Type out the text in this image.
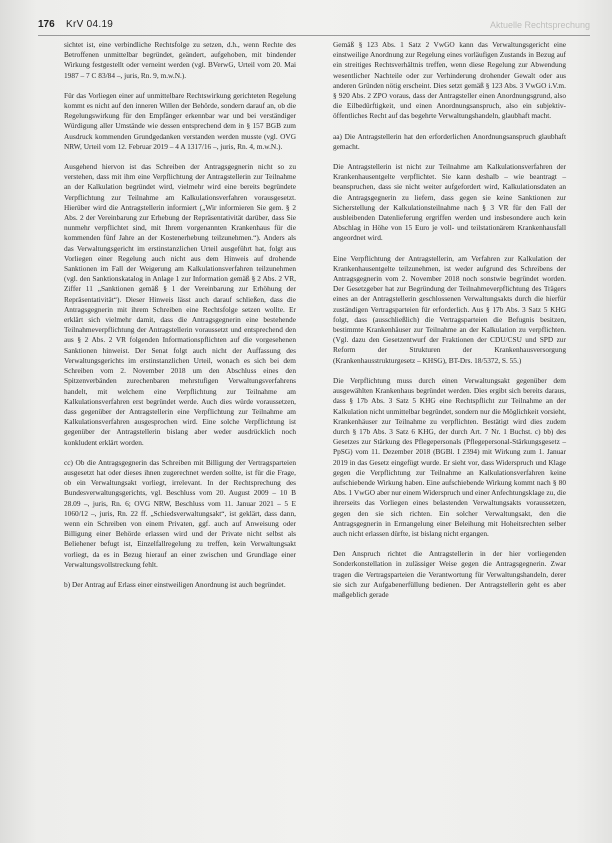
176 KrV 04.19	Aktuelle Rechtsprechung

sichtet ist, eine verbindliche Rechtsfolge zu setzen, d.h., wenn Rechte des Betroffenen unmittelbar begründet, geändert, aufgehoben, mit bindender Wirkung festgestellt oder verneint werden (vgl. BVerwG, Urteil vom 20. Mai 1987 – 7 C 83/84 –, juris, Rn. 9, m.w.N.).

Für das Vorliegen einer auf unmittelbare Rechtswirkung gerichteten Regelung kommt es nicht auf den inneren Willen der Behörde, sondern darauf an, ob die Regelungswirkung für den Empfänger erkennbar war und bei verständiger Würdigung aller Umstände wie dessen entsprechend dem in § 157 BGB zum Ausdruck kommenden Grundgedanken verstanden werden musste (vgl. OVG NRW, Urteil vom 12. Februar 2019 – 4 A 1317/16 –, juris, Rn. 4, m.w.N.).

Ausgehend hiervon ist das Schreiben der Antragsgegnerin nicht so zu verstehen, dass mit ihm eine Verpflichtung der Antragstellerin zur Teilnahme an der Kalkulation begründet wird, vielmehr wird eine bereits begründete Verpflichtung zur Teilnahme am Kalkulationsverfahren vorausgesetzt. Hierüber wird die Antragstellerin informiert („Wir informieren Sie gem. § 2 Abs. 2 der Vereinbarung zur Erhebung der Repräsentativität darüber, dass Sie nunmehr verpflichtet sind, mit Ihrem vorgenannten Krankenhaus für die kommenden fünf Jahre an der Kostenerhebung teilzunehmen.“). Anders als das Verwaltungsgericht im erstinstanzlichen Urteil ausgeführt hat, folgt aus Vorliegen einer Regelung auch nicht aus dem Hinweis auf drohende Sanktionen im Fall der Weigerung am Kalkulationsverfahren teilzunehmen (vgl. den Sanktionskatalog in Anlage 1 zur Information gemäß § 2 Abs. 2 VR, Ziffer 11 „Sanktionen gemäß § 1 der Vereinbarung zur Erhöhung der Repräsentativität“). Dieser Hinweis lässt auch darauf schließen, dass die Antragsgegnerin mit ihrem Schreiben eine Rechtsfolge setzen wollte. Er erklärt sich vielmehr damit, dass die Antragsgegnerin eine bestehende Teilnahmeverpflichtung der Antragstellerin voraussetzt und entsprechend den aus § 2 Abs. 2 VR folgenden Informationspflichten auf die vorgesehenen Sanktionen hinweist. Der Senat folgt auch nicht der Auffassung des Verwaltungsgerichts im erstinstanzlichen Urteil, wonach es sich bei dem Schreiben vom 2. November 2018 um den Abschluss eines den Spitzenverbänden zurechenbaren mehrstufigen Verwaltungsverfahrens handelt, mit welchem eine Verpflichtung zur Teilnahme am Kalkulationsverfahren erst begründet werde. Auch dies würde voraussetzen, dass gegenüber der Antragstellerin eine Verpflichtung zur Teilnahme am Kalkulationsverfahren ausgesprochen wird. Eine solche Verpflichtung ist gegenüber der Antragstellerin bislang aber weder ausdrücklich noch konkludent erklärt worden.

cc) Ob die Antragsgegnerin das Schreiben mit Billigung der Vertragsparteien ausgesetzt hat oder dieses ihnen zugerechnet werden sollte, ist für die Frage, ob ein Verwaltungsakt vorliegt, irrelevant. In der Rechtsprechung des Bundesverwaltungsgerichts, vgl. Beschluss vom 20. August 2009 – 10 B 28.09 –, juris, Rn. 6; OVG NRW, Beschluss vom 11. Januar 2021 – 5 E 1060/12 –, juris, Rn. 22 ff. „Schiedsverwaltungsakt“, ist geklärt, dass dann, wenn ein Schreiben von einem Privaten, ggf. auch auf Anweisung oder Billigung einer Behörde erlassen wird und der Private nicht selbst als Beliehener befugt ist, Einzelfallregelung zu treffen, kein Verwaltungsakt vorliegt, da es in Bezug hierauf an einer zwischen und Grundlage einer Verwaltungsvollstreckung fehlt.

b) Der Antrag auf Erlass einer einstweiligen Anordnung ist auch begründet.

Gemäß § 123 Abs. 1 Satz 2 VwGO kann das Verwaltungsgericht eine einstweilige Anordnung zur Regelung eines vorläufigen Zustands in Bezug auf ein streitiges Rechtsverhältnis treffen, wenn diese Regelung zur Abwendung wesentlicher Nachteile oder zur Verhinderung drohender Gewalt oder aus anderen Gründen nötig erscheint. Dies setzt gemäß § 123 Abs. 3 VwGO i.V.m. § 920 Abs. 2 ZPO voraus, dass der Antragsteller einen Anordnungsgrund, also die Eilbedürftigkeit, und einen Anordnungsanspruch, also ein subjektiv-öffentliches Recht auf das begehrte Verwaltungshandeln, glaubhaft macht.

aa) Die Antragstellerin hat den erforderlichen Anordnungsanspruch glaubhaft gemacht.

Die Antragstellerin ist nicht zur Teilnahme am Kalkulationsverfahren der Krankenhausentgelte verpflichtet. Sie kann deshalb – wie beantragt – beanspruchen, dass sie nicht weiter aufgefordert wird, Kalkulationsdaten an die Antragsgegnerin zu liefern, dass gegen sie keine Sanktionen zur Sicherstellung der Kalkulationsteilnahme nach § 3 VR für den Fall der ausbleibenden Datenlieferung ergriffen werden und insbesondere auch kein Abschlag in Höhe von 15 Euro je voll- und teilstationärem Krankenhausfall angeordnet wird.

Eine Verpflichtung der Antragstellerin, am Verfahren zur Kalkulation der Krankenhausentgelte teilzunehmen, ist weder aufgrund des Schreibens der Antragsgegnerin vom 2. November 2018 noch sonstwie begründet worden. Der Gesetzgeber hat zur Begründung der Teilnahmeverpflichtung des Trägers eines an der Antragstellerin geschlossenen Verwaltungsakts durch die hierfür zuständigen Vertragsparteien für erforderlich. Aus § 17b Abs. 3 Satz 5 KHG folgt, dass (ausschließlich) die Vertragsparteien die Befugnis besitzen, bestimmte Krankenhäuser zur Teilnahme an der Kalkulation zu verpflichten. (Vgl. dazu den Gesetzentwurf der Fraktionen der CDU/CSU und SPD zur Reform der Strukturen der Krankenhausversorgung (Krankenhausstrukturgesetz – KHSG), BT-Drs. 18/5372, S. 55.)

Die Verpflichtung muss durch einen Verwaltungsakt gegenüber dem ausgewählten Krankenhaus begründet werden. Dies ergibt sich bereits daraus, dass § 17b Abs. 3 Satz 5 KHG eine Rechtspflicht zur Teilnahme an der Kalkulation nicht unmittelbar begründet, sondern nur die Möglichkeit vorsieht, Krankenhäuser zur Teilnahme zu verpflichten. Bestätigt wird dies zudem durch § 17b Abs. 3 Satz 6 KHG, der durch Art. 7 Nr. 1 Buchst. c) bb) des Gesetzes zur Stärkung des Pflegepersonals (Pflegepersonal-Stärkungsgesetz – PpSG) vom 11. Dezember 2018 (BGBl. I 2394) mit Wirkung zum 1. Januar 2019 in das Gesetz eingefügt wurde. Er sieht vor, dass Widerspruch und Klage gegen die Verpflichtung zur Teilnahme an Kalkulationsverfahren keine aufschiebende Wirkung haben. Eine aufschiebende Wirkung kommt nach § 80 Abs. 1 VwGO aber nur einem Widerspruch und einer Anfechtungsklage zu, die ihrerseits das Vorliegen eines belastenden Verwaltungsakts voraussetzen, gegen den sie sich richten. Ein solcher Verwaltungsakt, den die Antragsgegnerin in Ermangelung einer Beleihung mit Hoheitsrechten selber auch nicht erlassen dürfte, ist bislang nicht ergangen.

Den Anspruch richtet die Antragstellerin in der hier vorliegenden Sonderkonstellation in zulässiger Weise gegen die Antragsgegnerin. Zwar tragen die Vertragsparteien die Verantwortung für Verwaltungshandeln, derer sie sich zur Aufgabenerfüllung bedienen. Der Antragstellerin geht es aber maßgeblich gerade
